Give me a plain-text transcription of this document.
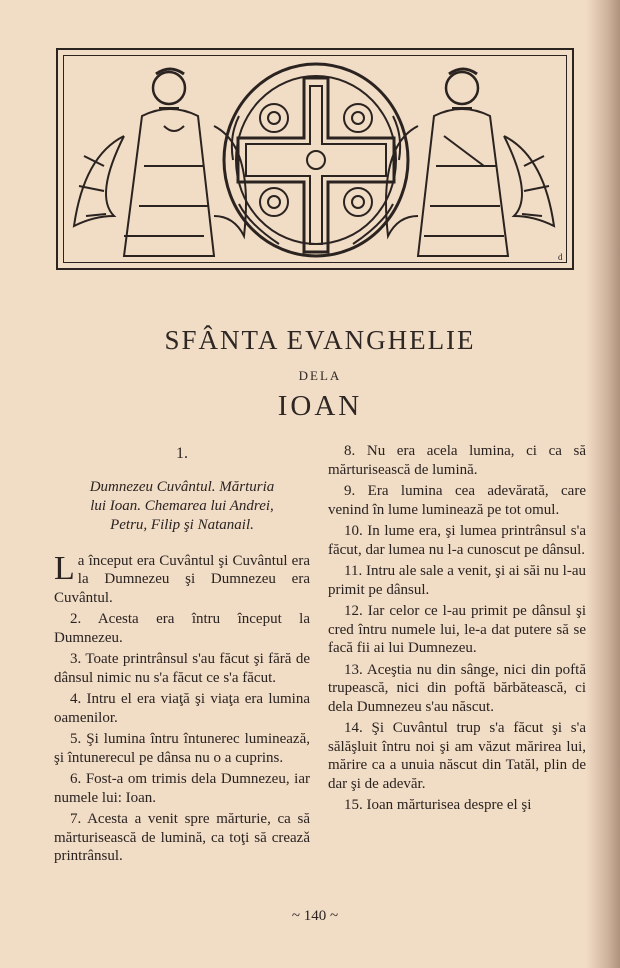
d
SFÂNTA EVANGHELIE
DELA
IOAN
1.
Dumnezeu Cuvântul. Mărturia
lui Ioan. Chemarea lui Andrei,
Petru, Filip şi Natanail.

La început era Cuvântul şi Cuvântul era la Dumnezeu şi Dumnezeu era Cuvântul.

2. Acesta era întru început la Dumnezeu.

3. Toate printrânsul s'au făcut şi fără de dânsul nimic nu s'a făcut ce s'a făcut.

4. Intru el era viaţă şi viaţa era lumina oamenilor.

5. Şi lumina întru întunerec luminează, şi întunerecul pe dânsa nu o a cuprins.

6. Fost-a om trimis dela Dumnezeu, iar numele lui: Ioan.

7. Acesta a venit spre mărturie, ca să mărturisească de lumină, ca toţi să creazǎ printrânsul.

8. Nu era acela lumina, ci ca să mărturisească de lumină.

9. Era lumina cea adevărată, care venind în lume luminează pe tot omul.

10. In lume era, şi lumea printrânsul s'a făcut, dar lumea nu l-a cunoscut pe dânsul.

11. Intru ale sale a venit, şi ai săi nu l-au primit pe dânsul.

12. Iar celor ce l-au primit pe dânsul şi cred întru numele lui, le-a dat putere să se facă fii ai lui Dumnezeu.

13. Aceştia nu din sânge, nici din poftă trupească, nici din poftă bărbătească, ci dela Dumnezeu s'au născut.

14. Şi Cuvântul trup s'a făcut şi s'a sălăşluit întru noi şi am văzut mărirea lui, mărire ca a unuia născut din Tatăl, plin de dar şi de adevăr.

15. Ioan mărturisea despre el şi

~ 140 ~
